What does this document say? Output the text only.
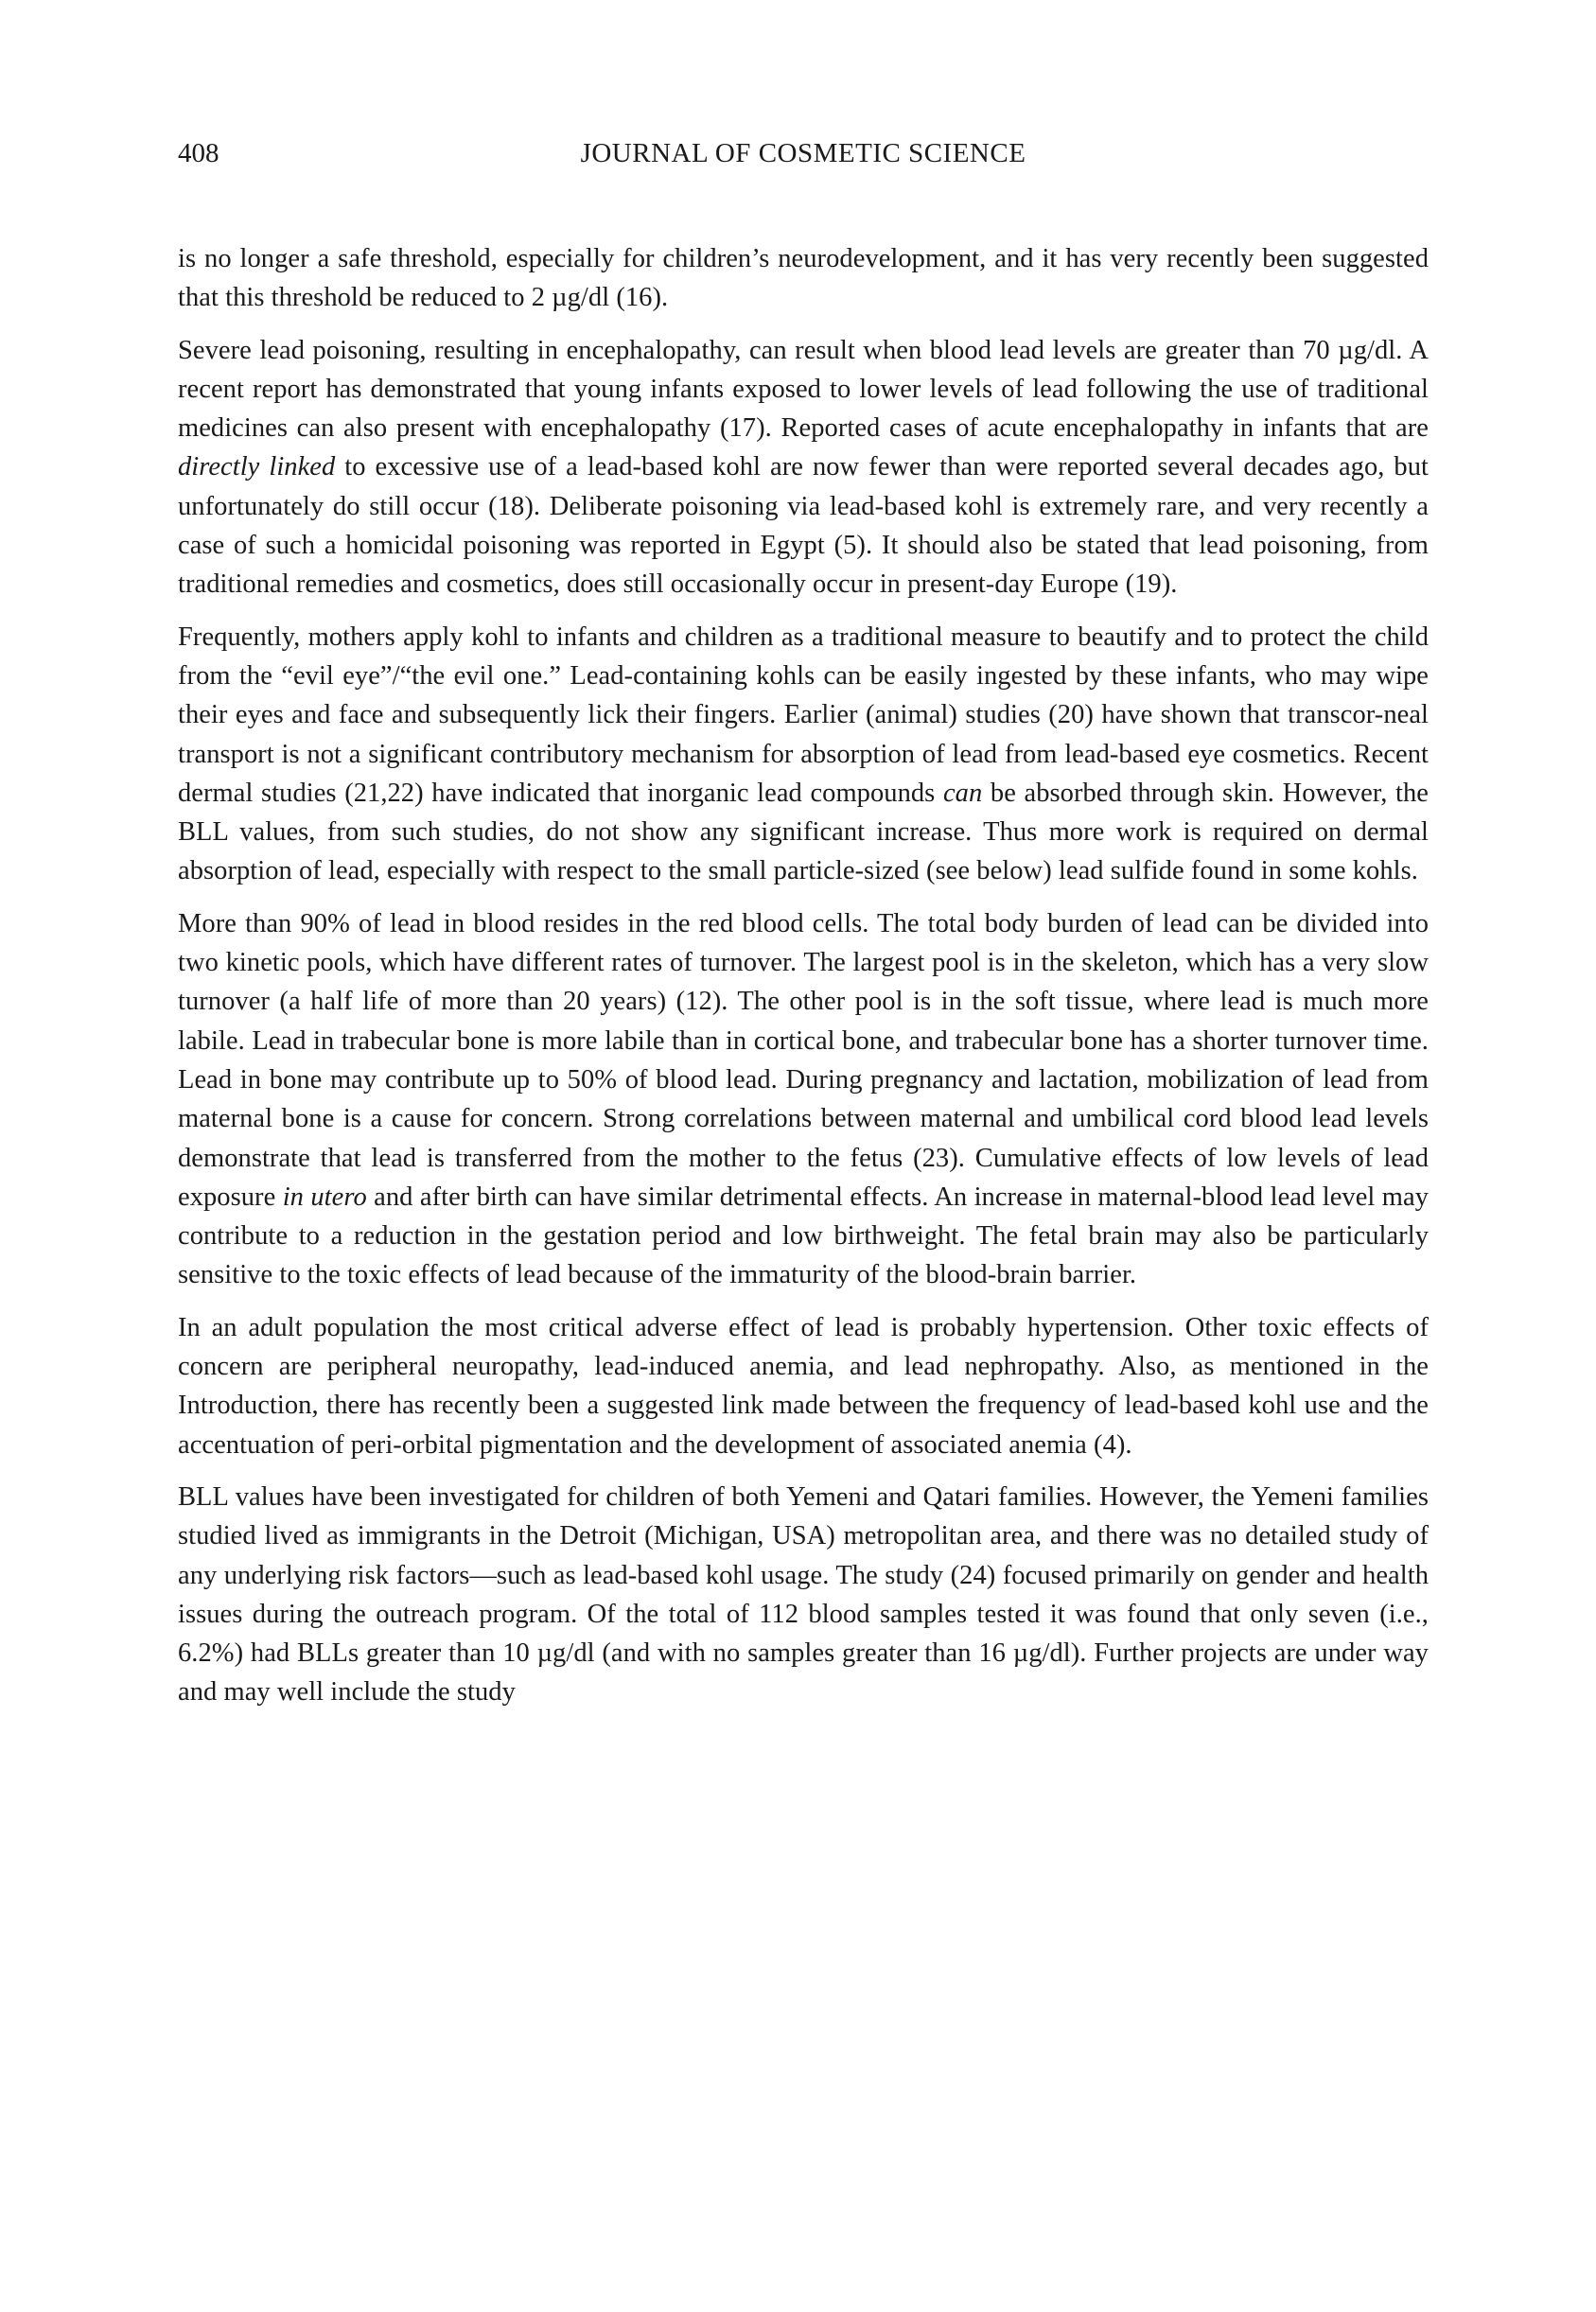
408	JOURNAL OF COSMETIC SCIENCE

is no longer a safe threshold, especially for children’s neurodevelopment, and it has very recently been suggested that this threshold be reduced to 2 µg/dl (16).

Severe lead poisoning, resulting in encephalopathy, can result when blood lead levels are greater than 70 µg/dl. A recent report has demonstrated that young infants exposed to lower levels of lead following the use of traditional medicines can also present with encephalopathy (17). Reported cases of acute encephalopathy in infants that are directly linked to excessive use of a lead-based kohl are now fewer than were reported several decades ago, but unfortunately do still occur (18). Deliberate poisoning via lead-based kohl is extremely rare, and very recently a case of such a homicidal poisoning was reported in Egypt (5). It should also be stated that lead poisoning, from traditional remedies and cosmetics, does still occasionally occur in present-day Europe (19).

Frequently, mothers apply kohl to infants and children as a traditional measure to beautify and to protect the child from the “evil eye”/“the evil one.” Lead-containing kohls can be easily ingested by these infants, who may wipe their eyes and face and subsequently lick their fingers. Earlier (animal) studies (20) have shown that transcor-neal transport is not a significant contributory mechanism for absorption of lead from lead-based eye cosmetics. Recent dermal studies (21,22) have indicated that inorganic lead compounds can be absorbed through skin. However, the BLL values, from such studies, do not show any significant increase. Thus more work is required on dermal absorption of lead, especially with respect to the small particle-sized (see below) lead sulfide found in some kohls.

More than 90% of lead in blood resides in the red blood cells. The total body burden of lead can be divided into two kinetic pools, which have different rates of turnover. The largest pool is in the skeleton, which has a very slow turnover (a half life of more than 20 years) (12). The other pool is in the soft tissue, where lead is much more labile. Lead in trabecular bone is more labile than in cortical bone, and trabecular bone has a shorter turnover time. Lead in bone may contribute up to 50% of blood lead. During pregnancy and lactation, mobilization of lead from maternal bone is a cause for concern. Strong correlations between maternal and umbilical cord blood lead levels demonstrate that lead is transferred from the mother to the fetus (23). Cumulative effects of low levels of lead exposure in utero and after birth can have similar detrimental effects. An increase in maternal-blood lead level may contribute to a reduction in the gestation period and low birthweight. The fetal brain may also be particularly sensitive to the toxic effects of lead because of the immaturity of the blood-brain barrier.

In an adult population the most critical adverse effect of lead is probably hypertension. Other toxic effects of concern are peripheral neuropathy, lead-induced anemia, and lead nephropathy. Also, as mentioned in the Introduction, there has recently been a suggested link made between the frequency of lead-based kohl use and the accentuation of peri-orbital pigmentation and the development of associated anemia (4).

BLL values have been investigated for children of both Yemeni and Qatari families. However, the Yemeni families studied lived as immigrants in the Detroit (Michigan, USA) metropolitan area, and there was no detailed study of any underlying risk factors—such as lead-based kohl usage. The study (24) focused primarily on gender and health issues during the outreach program. Of the total of 112 blood samples tested it was found that only seven (i.e., 6.2%) had BLLs greater than 10 µg/dl (and with no samples greater than 16 µg/dl). Further projects are under way and may well include the study
